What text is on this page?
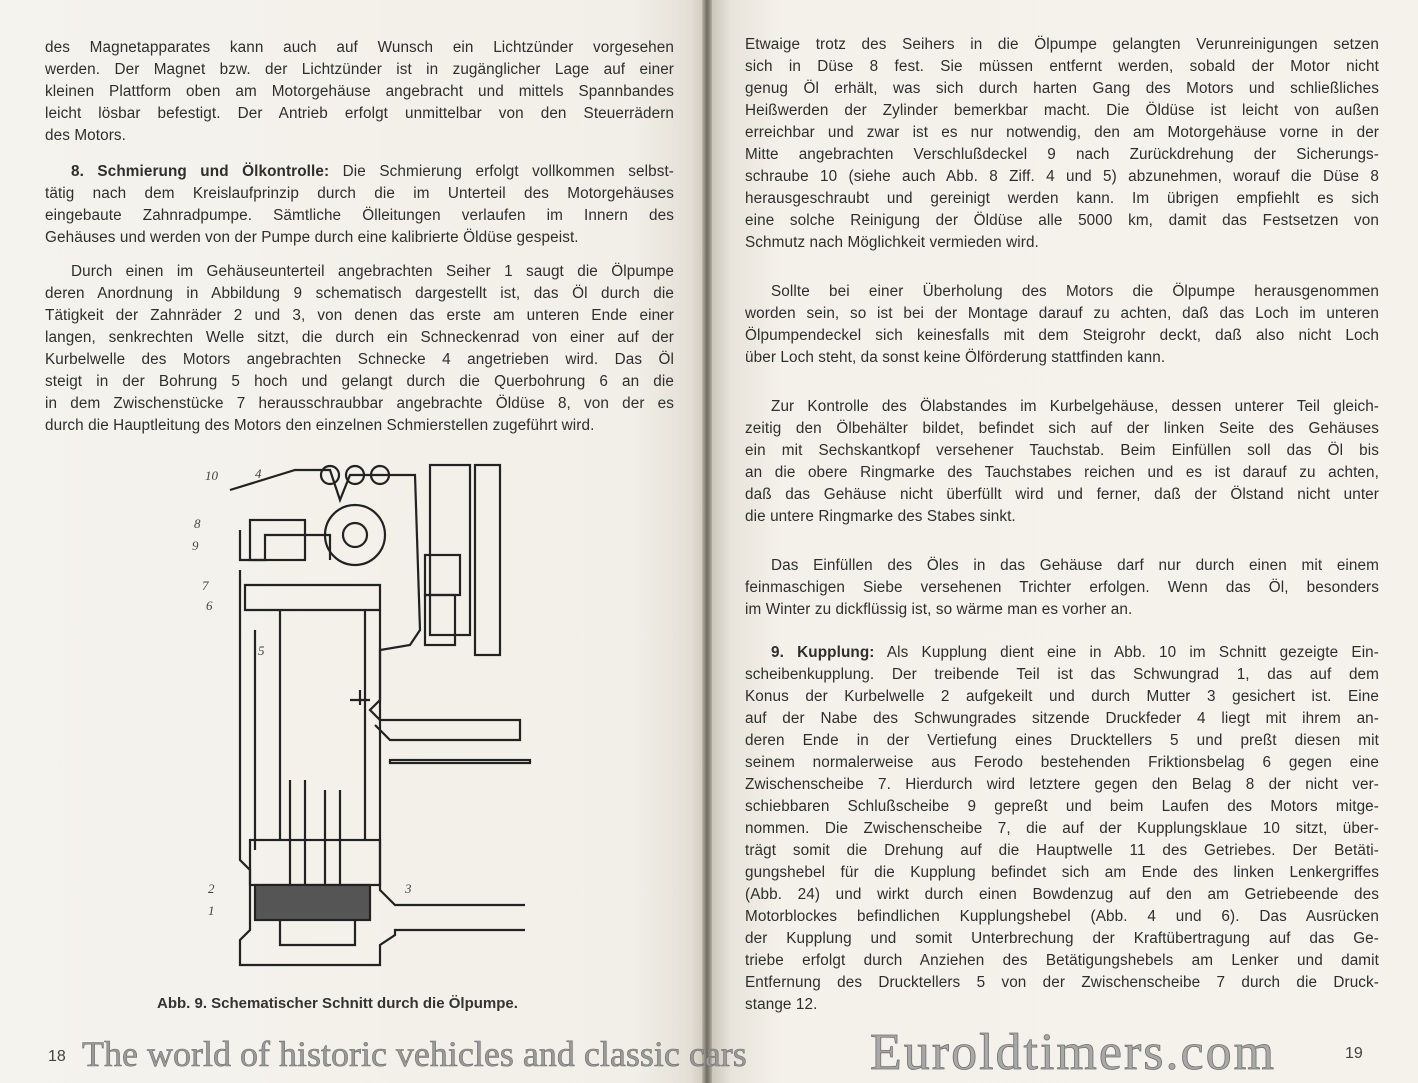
des Magnetapparates kann auch auf Wunsch ein Lichtzünder vorgesehen
werden. Der Magnet bzw. der Lichtzünder ist in zugänglicher Lage auf einer
kleinen Plattform oben am Motorgehäuse angebracht und mittels Spannbandes
leicht lösbar befestigt. Der Antrieb erfolgt unmittelbar von den Steuerrädern
des Motors.
8. Schmierung und Ölkontrolle: Die Schmierung erfolgt vollkommen selbst-
tätig nach dem Kreislaufprinzip durch die im Unterteil des Motorgehäuses
eingebaute Zahnradpumpe. Sämtliche Ölleitungen verlaufen im Innern des
Gehäuses und werden von der Pumpe durch eine kalibrierte Öldüse gespeist.
Durch einen im Gehäuseunterteil angebrachten Seiher 1 saugt die Ölpumpe
deren Anordnung in Abbildung 9 schematisch dargestellt ist, das Öl durch die
Tätigkeit der Zahnräder 2 und 3, von denen das erste am unteren Ende einer
langen, senkrechten Welle sitzt, die durch ein Schneckenrad von einer auf der
Kurbelwelle des Motors angebrachten Schnecke 4 angetrieben wird. Das Öl
steigt in der Bohrung 5 hoch und gelangt durch die Querbohrung 6 an die
in dem Zwischenstücke 7 herausschraubbar angebrachte Öldüse 8, von der es
durch die Hauptleitung des Motors den einzelnen Schmierstellen zugeführt wird.
Etwaige trotz des Seihers in die Ölpumpe gelangten Verunreinigungen setzen
sich in Düse 8 fest. Sie müssen entfernt werden, sobald der Motor nicht
genug Öl erhält, was sich durch harten Gang des Motors und schließliches
Heißwerden der Zylinder bemerkbar macht. Die Öldüse ist leicht von außen
erreichbar und zwar ist es nur notwendig, den am Motorgehäuse vorne in der
Mitte angebrachten Verschlußdeckel 9 nach Zurückdrehung der Sicherungs-
schraube 10 (siehe auch Abb. 8 Ziff. 4 und 5) abzunehmen, worauf die Düse 8
herausgeschraubt und gereinigt werden kann. Im übrigen empfiehlt es sich
eine solche Reinigung der Öldüse alle 5000 km, damit das Festsetzen von
Schmutz nach Möglichkeit vermieden wird.
Sollte bei einer Überholung des Motors die Ölpumpe herausgenommen
worden sein, so ist bei der Montage darauf zu achten, daß das Loch im unteren
Ölpumpendeckel sich keinesfalls mit dem Steigrohr deckt, daß also nicht Loch
über Loch steht, da sonst keine Ölförderung stattfinden kann.
Zur Kontrolle des Ölabstandes im Kurbelgehäuse, dessen unterer Teil gleich-
zeitig den Ölbehälter bildet, befindet sich auf der linken Seite des Gehäuses
ein mit Sechskantkopf versehener Tauchstab. Beim Einfüllen soll das Öl bis
an die obere Ringmarke des Tauchstabes reichen und es ist darauf zu achten,
daß das Gehäuse nicht überfüllt wird und ferner, daß der Ölstand nicht unter
die untere Ringmarke des Stabes sinkt.
Das Einfüllen des Öles in das Gehäuse darf nur durch einen mit einem
feinmaschigen Siebe versehenen Trichter erfolgen. Wenn das Öl, besonders
im Winter zu dickflüssig ist, so wärme man es vorher an.
9. Kupplung: Als Kupplung dient eine in Abb. 10 im Schnitt gezeigte Ein-
scheibenkupplung. Der treibende Teil ist das Schwungrad 1, das auf dem
Konus der Kurbelwelle 2 aufgekeilt und durch Mutter 3 gesichert ist. Eine
auf der Nabe des Schwungrades sitzende Druckfeder 4 liegt mit ihrem an-
deren Ende in der Vertiefung eines Drucktellers 5 und preßt diesen mit
seinem normalerweise aus Ferodo bestehenden Friktionsbelag 6 gegen eine
Zwischenscheibe 7. Hierdurch wird letztere gegen den Belag 8 der nicht ver-
schiebbaren Schlußscheibe 9 gepreßt und beim Laufen des Motors mitge-
nommen. Die Zwischenscheibe 7, die auf der Kupplungsklaue 10 sitzt, über-
trägt somit die Drehung auf die Hauptwelle 11 des Getriebes. Der Betäti-
gungshebel für die Kupplung befindet sich am Ende des linken Lenkergriffes
(Abb. 24) und wirkt durch einen Bowdenzug auf den am Getriebeende des
Motorblockes befindlichen Kupplungshebel (Abb. 4 und 6). Das Ausrücken
der Kupplung und somit Unterbrechung der Kraftübertragung auf das Ge-
triebe erfolgt durch Anziehen des Betätigungshebels am Lenker und damit
Entfernung des Drucktellers 5 von der Zwischenscheibe 7 durch die Druck-
stange 12.
10	4
8
9
7
6
5
2
1
3
Abb. 9. Schematischer Schnitt durch die Ölpumpe.
18	19
The world of historic vehicles and classic cars Euroldtimers.com
